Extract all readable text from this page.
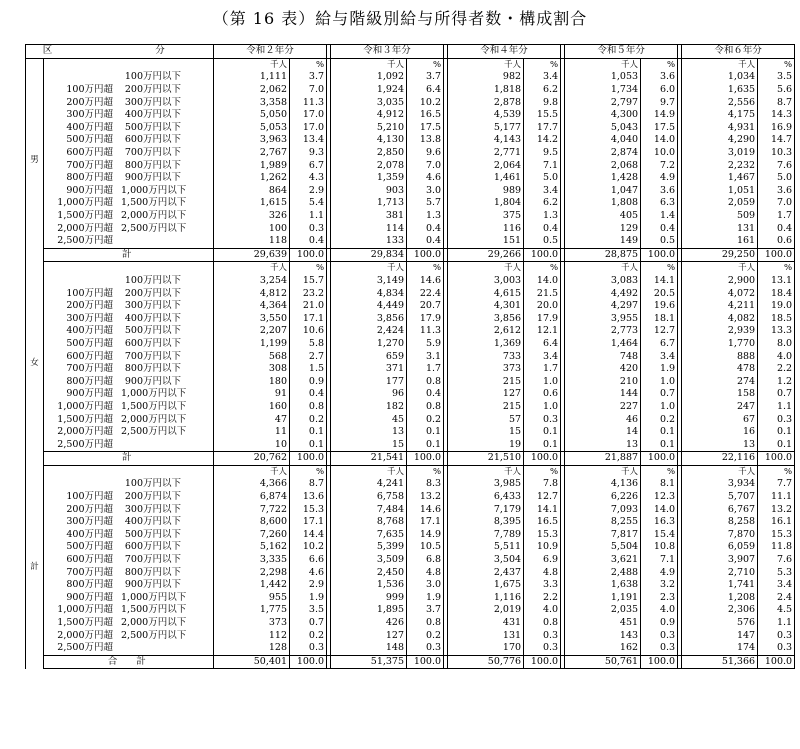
（第 16 表）給与階級別給与所得者数・構成割合
区　　分			令和２年分			令和３年分			令和４年分			令和５年分			令和６年分	
男			千人	%		千人	%		千人	%		千人	%		千人	%
	100万円以下		1,111	3.7		1,092	3.7		982	3.4		1,053	3.6		1,034	3.5
	100万円超 200万円以下		2,062	7.0		1,924	6.4		1,818	6.2		1,734	6.0		1,635	5.6
	200万円超 300万円以下		3,358	11.3		3,035	10.2		2,878	9.8		2,797	9.7		2,556	8.7
	300万円超 400万円以下		5,050	17.0		4,912	16.5		4,539	15.5		4,300	14.9		4,175	14.3
	400万円超 500万円以下		5,053	17.0		5,210	17.5		5,177	17.7		5,043	17.5		4,931	16.9
	500万円超 600万円以下		3,963	13.4		4,130	13.8		4,143	14.2		4,040	14.0		4,290	14.7
	600万円超 700万円以下		2,767	9.3		2,850	9.6		2,771	9.5		2,874	10.0		3,019	10.3
	700万円超 800万円以下		1,989	6.7		2,078	7.0		2,064	7.1		2,068	7.2		2,232	7.6
	800万円超 900万円以下		1,262	4.3		1,359	4.6		1,461	5.0		1,428	4.9		1,467	5.0
	900万円超 1,000万円以下		864	2.9		903	3.0		989	3.4		1,047	3.6		1,051	3.6
	1,000万円超 1,500万円以下		1,615	5.4		1,713	5.7		1,804	6.2		1,808	6.3		2,059	7.0
	1,500万円超 2,000万円以下		326	1.1		381	1.3		375	1.3		405	1.4		509	1.7
	2,000万円超 2,500万円以下		100	0.3		114	0.4		116	0.4		129	0.4		131	0.4
	2,500万円超		118	0.4		133	0.4		151	0.5		149	0.5		161	0.6
	計		29,639	100.0		29,834	100.0		29,266	100.0		28,875	100.0		29,250	100.0
女			千人	%		千人	%		千人	%		千人	%		千人	%
	100万円以下		3,254	15.7		3,149	14.6		3,003	14.0		3,083	14.1		2,900	13.1
	100万円超 200万円以下		4,812	23.2		4,834	22.4		4,615	21.5		4,492	20.5		4,072	18.4
	200万円超 300万円以下		4,364	21.0		4,449	20.7		4,301	20.0		4,297	19.6		4,211	19.0
	300万円超 400万円以下		3,550	17.1		3,856	17.9		3,856	17.9		3,955	18.1		4,082	18.5
	400万円超 500万円以下		2,207	10.6		2,424	11.3		2,612	12.1		2,773	12.7		2,939	13.3
	500万円超 600万円以下		1,199	5.8		1,270	5.9		1,369	6.4		1,464	6.7		1,770	8.0
	600万円超 700万円以下		568	2.7		659	3.1		733	3.4		748	3.4		888	4.0
	700万円超 800万円以下		308	1.5		371	1.7		373	1.7		420	1.9		478	2.2
	800万円超 900万円以下		180	0.9		177	0.8		215	1.0		210	1.0		274	1.2
	900万円超 1,000万円以下		91	0.4		96	0.4		127	0.6		144	0.7		158	0.7
	1,000万円超 1,500万円以下		160	0.8		182	0.8		215	1.0		227	1.0		247	1.1
	1,500万円超 2,000万円以下		47	0.2		45	0.2		57	0.3		46	0.2		67	0.3
	2,000万円超 2,500万円以下		11	0.1		13	0.1		15	0.1		14	0.1		16	0.1
	2,500万円超		10	0.1		15	0.1		19	0.1		13	0.1		13	0.1
	計		20,762	100.0		21,541	100.0		21,510	100.0		21,887	100.0		22,116	100.0
計			千人	%		千人	%		千人	%		千人	%		千人	%
	100万円以下		4,366	8.7		4,241	8.3		3,985	7.8		4,136	8.1		3,934	7.7
	100万円超 200万円以下		6,874	13.6		6,758	13.2		6,433	12.7		6,226	12.3		5,707	11.1
	200万円超 300万円以下		7,722	15.3		7,484	14.6		7,179	14.1		7,093	14.0		6,767	13.2
	300万円超 400万円以下		8,600	17.1		8,768	17.1		8,395	16.5		8,255	16.3		8,258	16.1
	400万円超 500万円以下		7,260	14.4		7,635	14.9		7,789	15.3		7,817	15.4		7,870	15.3
	500万円超 600万円以下		5,162	10.2		5,399	10.5		5,511	10.9		5,504	10.8		6,059	11.8
	600万円超 700万円以下		3,335	6.6		3,509	6.8		3,504	6.9		3,621	7.1		3,907	7.6
	700万円超 800万円以下		2,298	4.6		2,450	4.8		2,437	4.8		2,488	4.9		2,710	5.3
	800万円超 900万円以下		1,442	2.9		1,536	3.0		1,675	3.3		1,638	3.2		1,741	3.4
	900万円超 1,000万円以下		955	1.9		999	1.9		1,116	2.2		1,191	2.3		1,208	2.4
	1,000万円超 1,500万円以下		1,775	3.5		1,895	3.7		2,019	4.0		2,035	4.0		2,306	4.5
	1,500万円超 2,000万円以下		373	0.7		426	0.8		431	0.8		451	0.9		576	1.1
	2,000万円超 2,500万円以下		112	0.2		127	0.2		131	0.3		143	0.3		147	0.3
	2,500万円超		128	0.3		148	0.3		170	0.3		162	0.3		174	0.3
	合　　計		50,401	100.0		51,375	100.0		50,776	100.0		50,761	100.0		51,366	100.0
